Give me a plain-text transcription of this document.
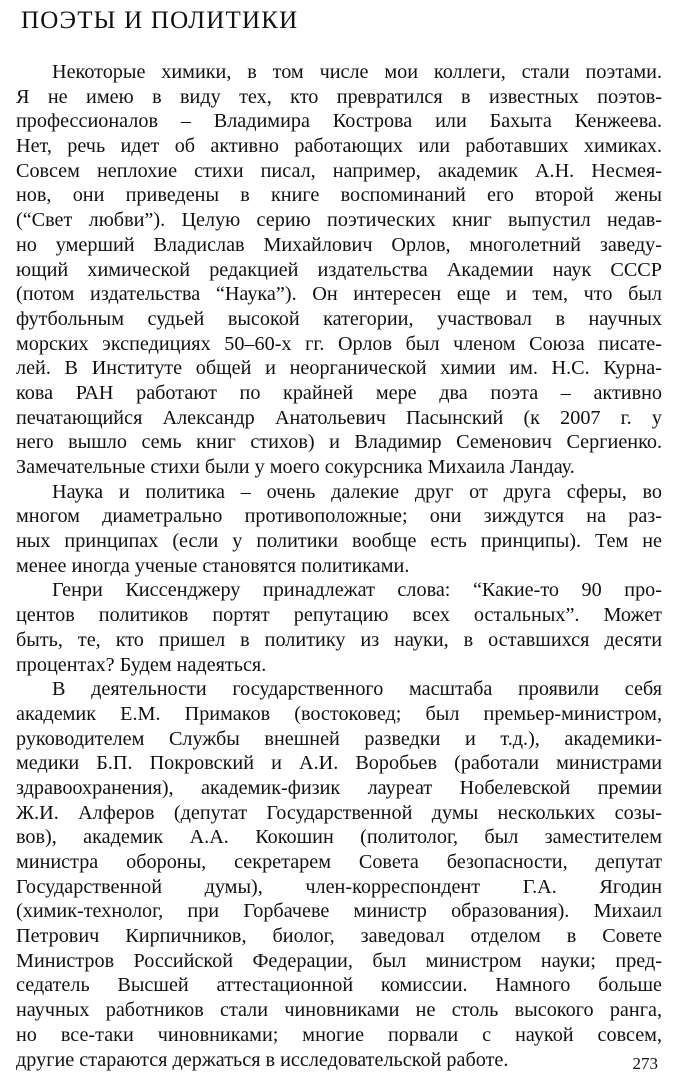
ПОЭТЫ И ПОЛИТИКИ

Некоторые химики, в том числе мои коллеги, стали поэтами.
Я не имею в виду тех, кто превратился в известных поэтов-
профессионалов – Владимира Кострова или Бахыта Кенжеева.
Нет, речь идет об активно работающих или работавших химиках.
Совсем неплохие стихи писал, например, академик А.Н. Несмея-
нов, они приведены в книге воспоминаний его второй жены
(“Свет любви”). Целую серию поэтических книг выпустил недав-
но умерший Владислав Михайлович Орлов, многолетний заведу-
ющий химической редакцией издательства Академии наук СССР
(потом издательства “Наука”). Он интересен еще и тем, что был
футбольным судьей высокой категории, участвовал в научных
морских экспедициях 50–60-х гг. Орлов был членом Союза писате-
лей. В Институте общей и неорганической химии им. Н.С. Курна-
кова РАН работают по крайней мере два поэта – активно
печатающийся Александр Анатольевич Пасынский (к 2007 г. у
него вышло семь книг стихов) и Владимир Семенович Сергиенко.
Замечательные стихи были у моего сокурсника Михаила Ландау.

Наука и политика – очень далекие друг от друга сферы, во
многом диаметрально противоположные; они зиждутся на раз-
ных принципах (если у политики вообще есть принципы). Тем не
менее иногда ученые становятся политиками.

Генри Киссенджеру принадлежат слова: “Какие-то 90 про-
центов политиков портят репутацию всех остальных”. Может
быть, те, кто пришел в политику из науки, в оставшихся десяти
процентах? Будем надеяться.

В деятельности государственного масштаба проявили себя
академик Е.М. Примаков (востоковед; был премьер-министром,
руководителем Службы внешней разведки и т.д.), академики-
медики Б.П. Покровский и А.И. Воробьев (работали министрами
здравоохранения), академик-физик лауреат Нобелевской премии
Ж.И. Алферов (депутат Государственной думы нескольких созы-
вов), академик А.А. Кокошин (политолог, был заместителем
министра обороны, секретарем Совета безопасности, депутат
Государственной думы), член-корреспондент Г.А. Ягодин
(химик-технолог, при Горбачеве министр образования). Михаил
Петрович Кирпичников, биолог, заведовал отделом в Совете
Министров Российской Федерации, был министром науки; пред-
седатель Высшей аттестационной комиссии. Намного больше
научных работников стали чиновниками не столь высокого ранга,
но все-таки чиновниками; многие порвали с наукой совсем,
другие стараются держаться в исследовательской работе.	273
